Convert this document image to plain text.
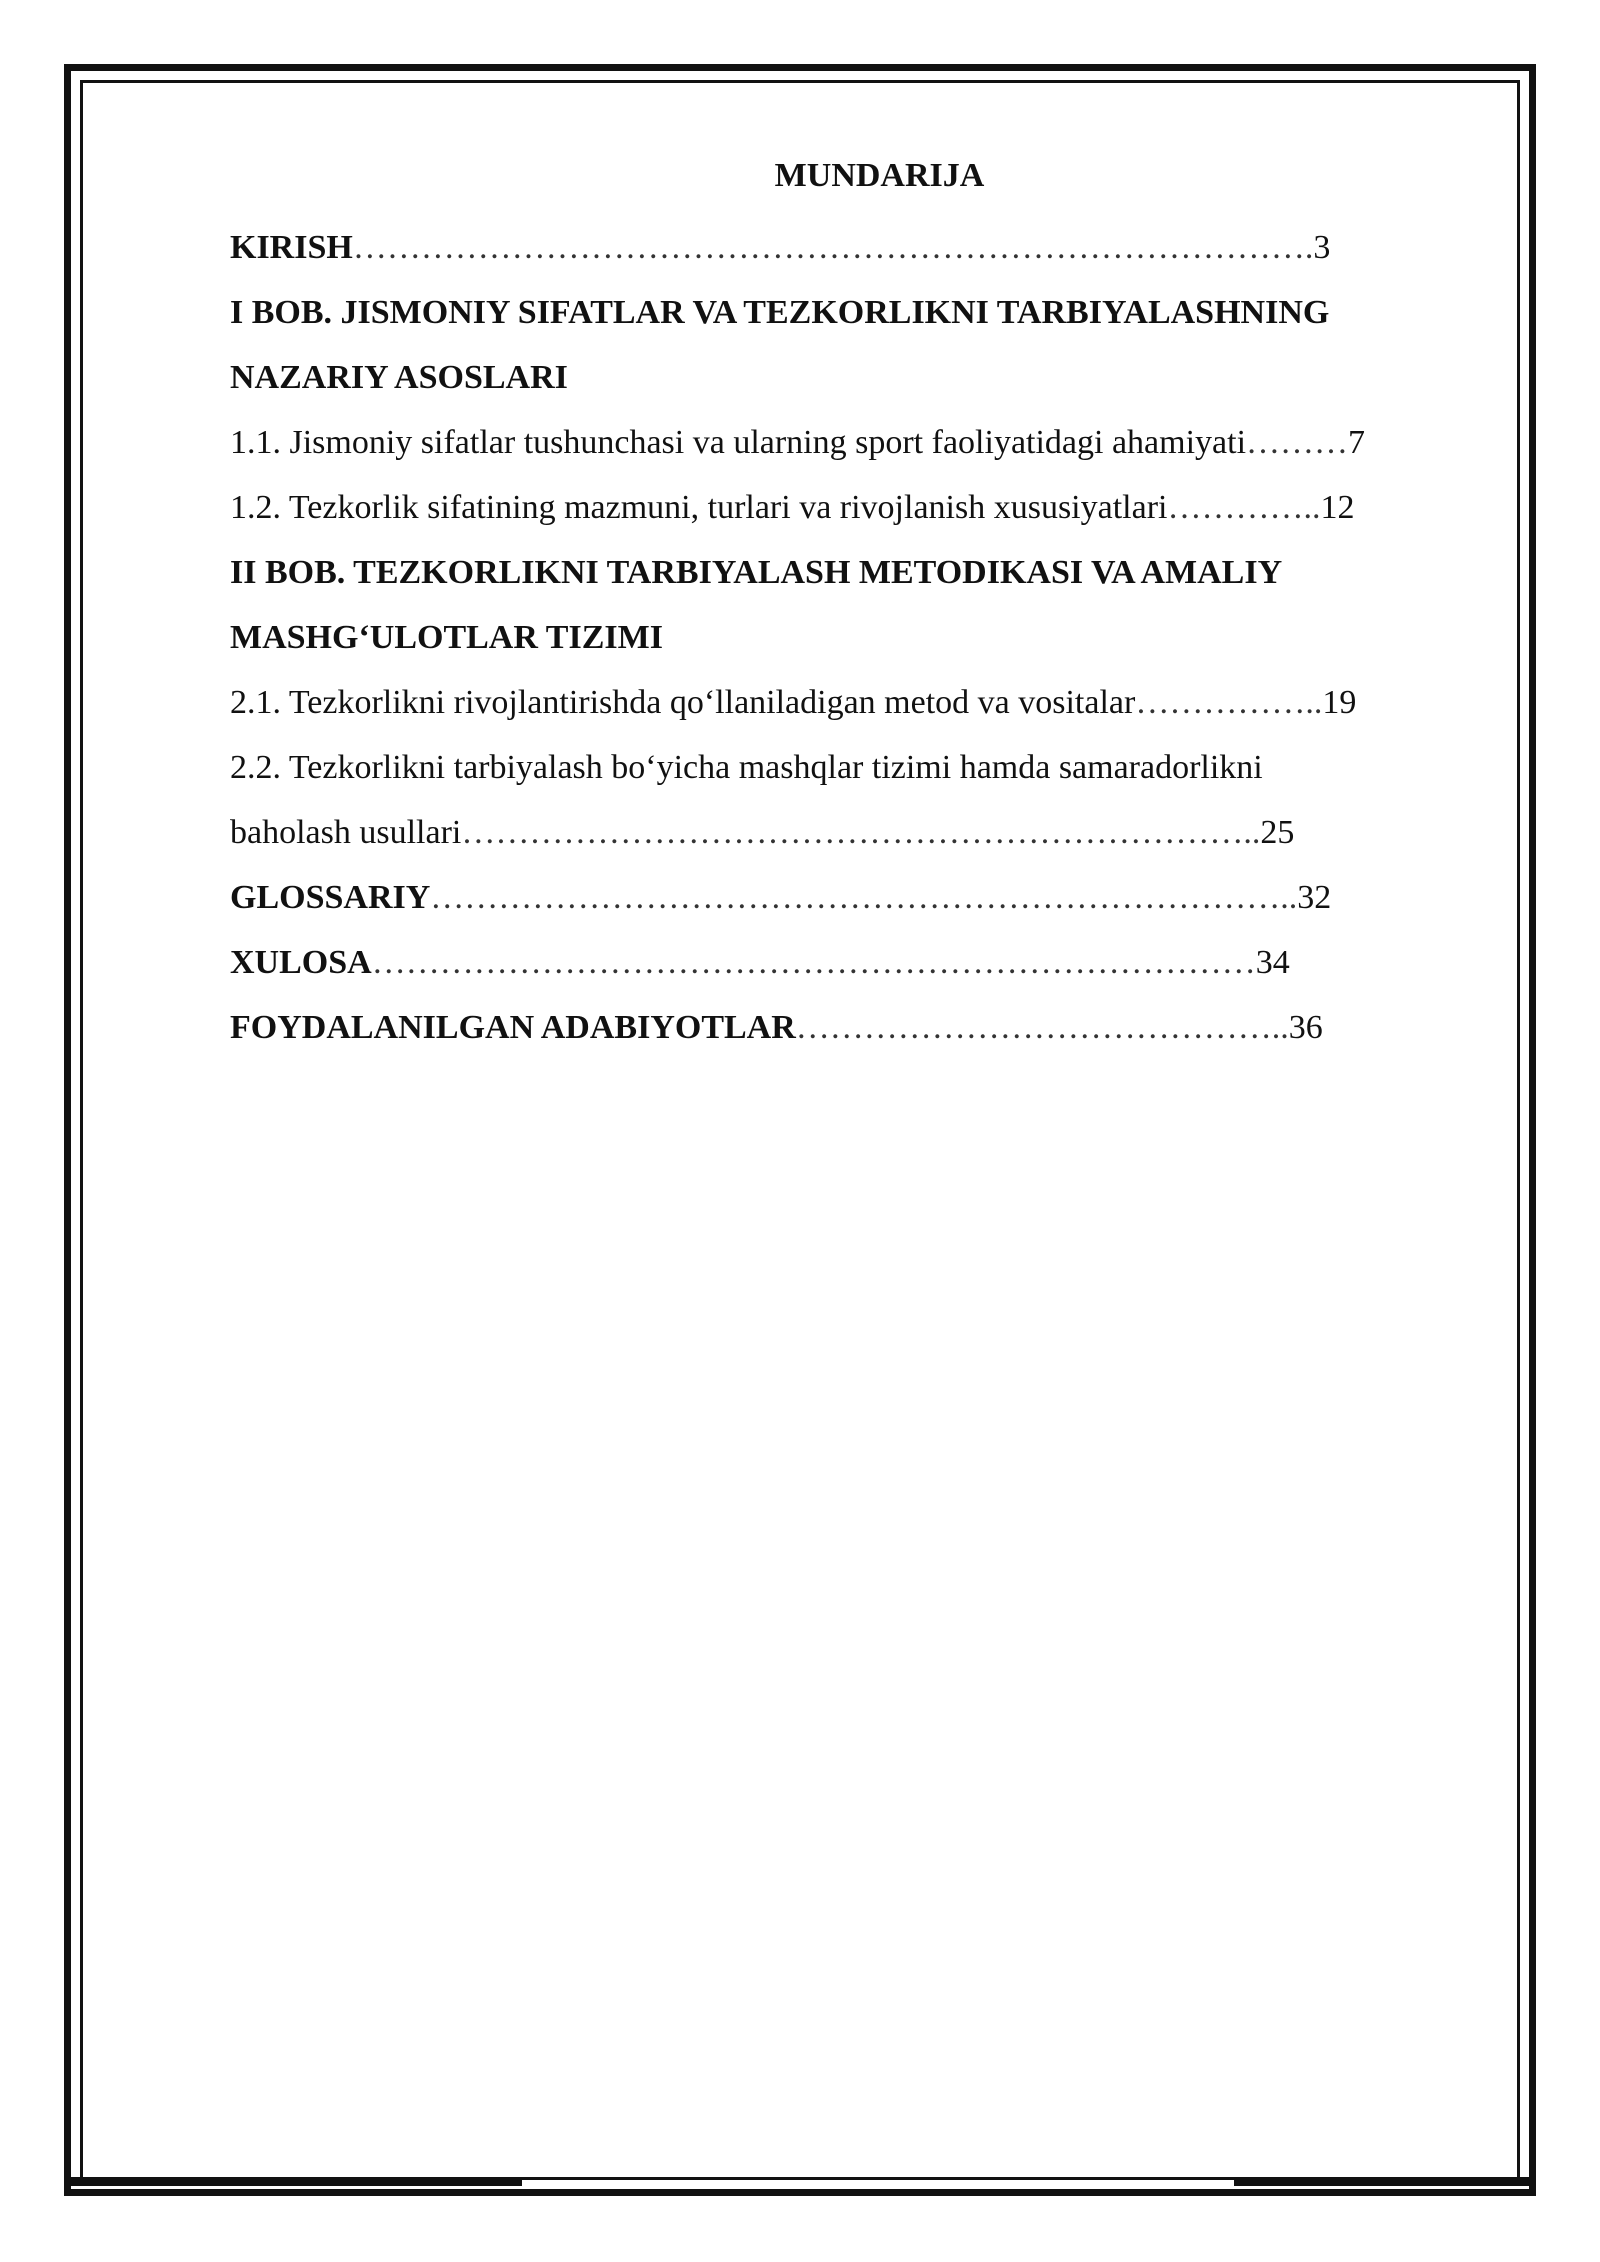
MUNDARIJA
KIRISH………………………………………………………………………….3
I BOB. JISMONIY SIFATLAR VA TEZKORLIKNI TARBIYALASHNING
NAZARIY ASOSLARI
1.1. Jismoniy sifatlar tushunchasi va ularning sport faoliyatidagi ahamiyati………7
1.2. Tezkorlik sifatining mazmuni, turlari va rivojlanish xususiyatlari…………..12
II BOB. TEZKORLIKNI TARBIYALASH METODIKASI VA AMALIY
MASHG‘ULOTLAR TIZIMI
2.1. Tezkorlikni rivojlantirishda qo‘llaniladigan metod va vositalar……………..19
2.2. Tezkorlikni tarbiyalash bo‘yicha mashqlar tizimi hamda samaradorlikni
baholash usullari……………………………………………………………..25
GLOSSARIY…………………………………………………………………..32
XULOSA……………………………………………………………………34
FOYDALANILGAN ADABIYOTLAR……………………………………..36
